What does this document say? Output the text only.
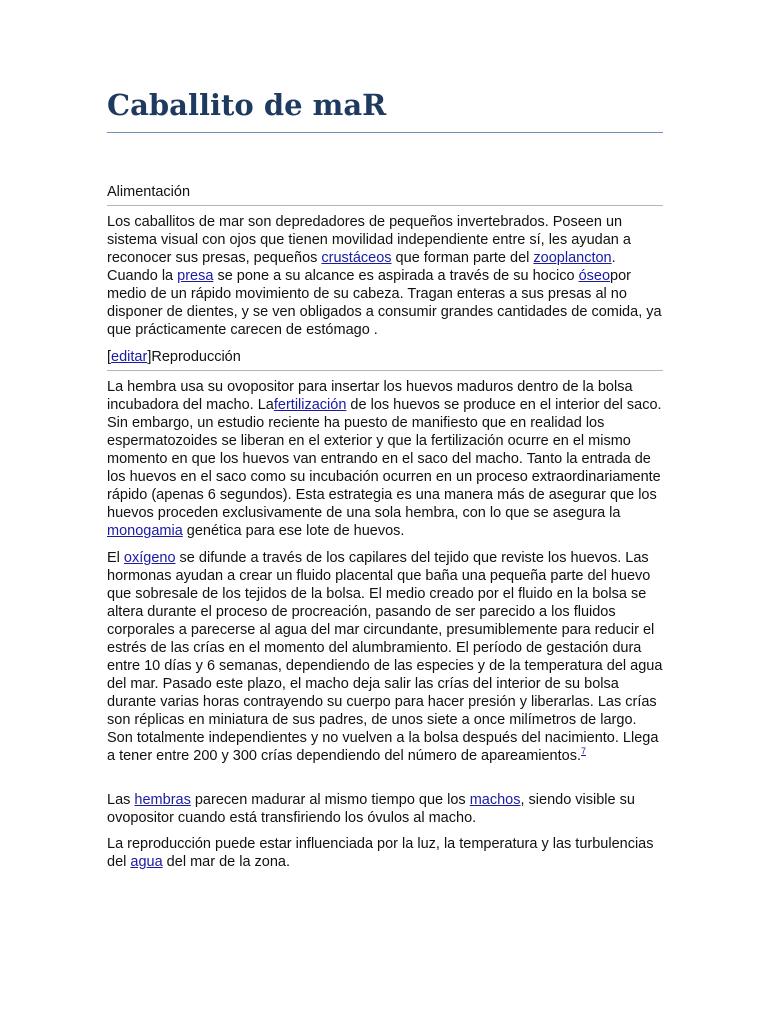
Caballito de maR
Alimentación

Los caballitos de mar son depredadores de pequeños invertebrados. Poseen un sistema visual con ojos que tienen movilidad independiente entre sí, les ayudan a reconocer sus presas, pequeños crustáceos que forman parte del zooplancton. Cuando la presa se pone a su alcance es aspirada a través de su hocico óseopor medio de un rápido movimiento de su cabeza. Tragan enteras a sus presas al no disponer de dientes, y se ven obligados a consumir grandes cantidades de comida, ya que prácticamente carecen de estómago .

[editar]Reproducción

La hembra usa su ovopositor para insertar los huevos maduros dentro de la bolsa incubadora del macho. Lafertilización de los huevos se produce en el interior del saco. Sin embargo, un estudio reciente ha puesto de manifiesto que en realidad los espermatozoides se liberan en el exterior y que la fertilización ocurre en el mismo momento en que los huevos van entrando en el saco del macho. Tanto la entrada de los huevos en el saco como su incubación ocurren en un proceso extraordinariamente rápido (apenas 6 segundos). Esta estrategia es una manera más de asegurar que los huevos proceden exclusivamente de una sola hembra, con lo que se asegura la monogamia genética para ese lote de huevos.

El oxígeno se difunde a través de los capilares del tejido que reviste los huevos. Las hormonas ayudan a crear un fluido placental que baña una pequeña parte del huevo que sobresale de los tejidos de la bolsa. El medio creado por el fluido en la bolsa se altera durante el proceso de procreación, pasando de ser parecido a los fluidos corporales a parecerse al agua del mar circundante, presumiblemente para reducir el estrés de las crías en el momento del alumbramiento. El período de gestación dura entre 10 días y 6 semanas, dependiendo de las especies y de la temperatura del agua del mar. Pasado este plazo, el macho deja salir las crías del interior de su bolsa durante varias horas contrayendo su cuerpo para hacer presión y liberarlas. Las crías son réplicas en miniatura de sus padres, de unos siete a once milímetros de largo. Son totalmente independientes y no vuelven a la bolsa después del nacimiento. Llega a tener entre 200 y 300 crías dependiendo del número de apareamientos.$^7$

Las hembras parecen madurar al mismo tiempo que los machos, siendo visible su ovopositor cuando está transfiriendo los óvulos al macho.

La reproducción puede estar influenciada por la luz, la temperatura y las turbulencias del agua del mar de la zona.
